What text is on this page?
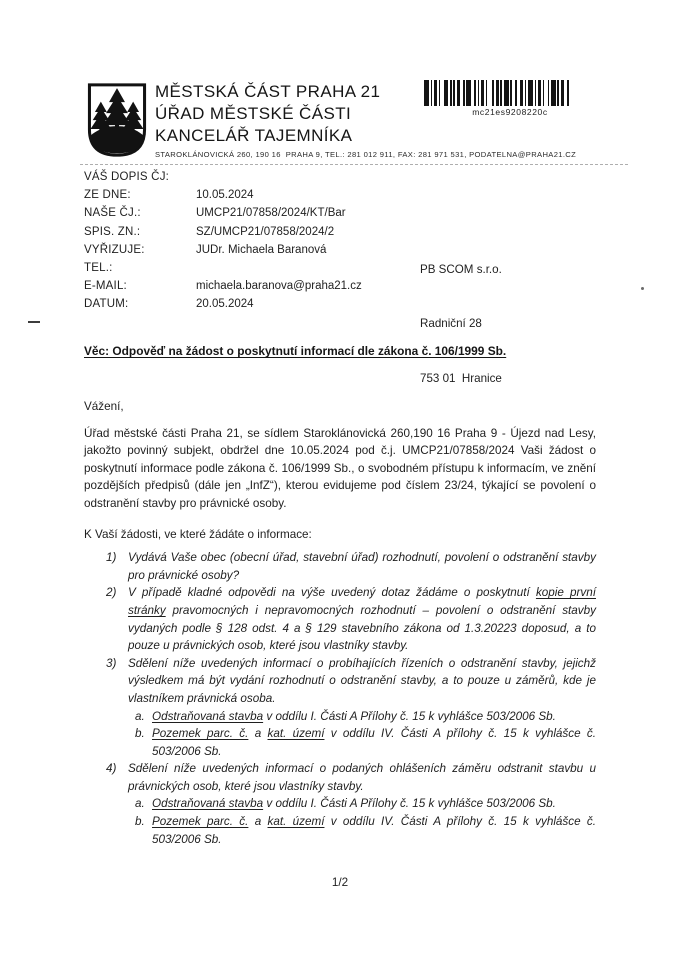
MĚSTSKÁ ČÁST PRAHA 21
ÚŘAD MĚSTSKÉ ČÁSTI
KANCELÁŘ TAJEMNÍKA
STAROKLÁNOVICKÁ 260, 190 16  PRAHA 9, TEL.: 281 012 911, FAX: 281 971 531, PODATELNA@PRAHA21.CZ
mc21es9208220c
VÁŠ DOPIS ČJ:
ZE DNE:	10.05.2024
NAŠE ČJ.:	UMCP21/07858/2024/KT/Bar
SPIS. ZN.:	SZ/UMCP21/07858/2024/2
VYŘIZUJE:	JUDr. Michaela Baranová
TEL.:
E-MAIL:	michaela.baranova@praha21.cz
DATUM:	20.05.2024

PB SCOM s.r.o.

Radniční 28

753 01  Hranice

Věc: Odpověď na žádost o poskytnutí informací dle zákona č. 106/1999 Sb.
Vážení,
Úřad městské části Praha 21, se sídlem Staroklánovická 260,190 16 Praha 9 - Újezd nad Lesy, jakožto povinný subjekt, obdržel dne 10.05.2024 pod č.j. UMCP21/07858/2024 Vaši žádost o poskytnutí informace podle zákona č. 106/1999 Sb., o svobodném přístupu k informacím, ve znění pozdějších předpisů (dále jen „InfZ“), kterou evidujeme pod číslem 23/24, týkající se povolení o odstranění stavby pro právnické osoby.
K Vaší žádosti, ve které žádáte o informace:
1) Vydává Vaše obec (obecní úřad, stavební úřad) rozhodnutí, povolení o odstranění stavby pro právnické osoby?
2) V případě kladné odpovědi na výše uvedený dotaz žádáme o poskytnutí kopie první stránky pravomocných i nepravomocných rozhodnutí – povolení o odstranění stavby vydaných podle § 128 odst. 4 a § 129 stavebního zákona od 1.3.20223 doposud, a to pouze u právnických osob, které jsou vlastníky stavby.
3) Sdělení níže uvedených informací o probíhajících řízeních o odstranění stavby, jejichž výsledkem má být vydání rozhodnutí o odstranění stavby, a to pouze u záměrů, kde je vlastníkem právnická osoba.
a. Odstraňovaná stavba v oddílu I. Části A Přílohy č. 15 k vyhlášce 503/2006 Sb.
b. Pozemek parc. č. a kat. území v oddílu IV. Části A přílohy č. 15 k vyhlášce č. 503/2006 Sb.
4) Sdělení níže uvedených informací o podaných ohlášeních záměru odstranit stavbu u právnických osob, které jsou vlastníky stavby.
a. Odstraňovaná stavba v oddílu I. Části A Přílohy č. 15 k vyhlášce 503/2006 Sb.
b. Pozemek parc. č. a kat. území v oddílu IV. Části A přílohy č. 15 k vyhlášce č. 503/2006 Sb.
1/2
